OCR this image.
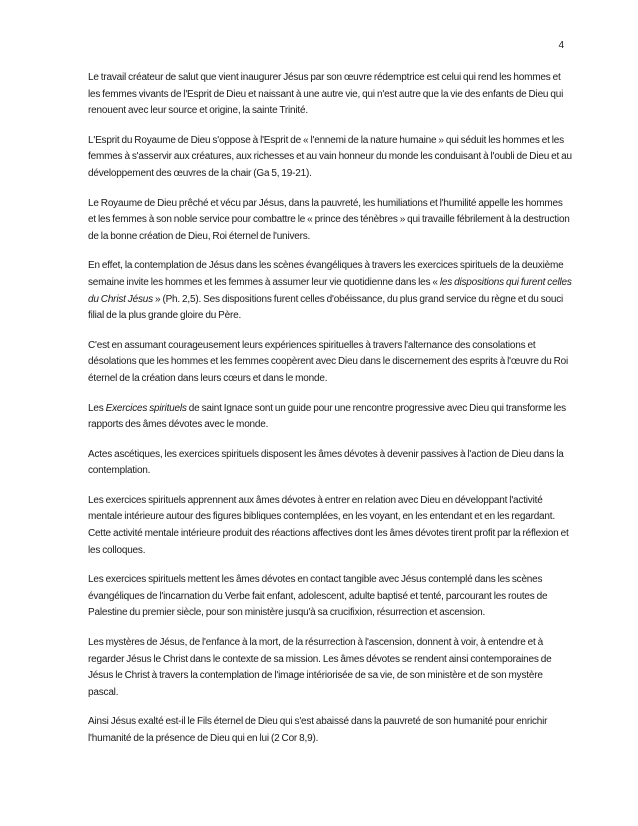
4

Le travail créateur de salut que vient inaugurer Jésus par son œuvre rédemptrice est celui qui rend les hommes et les femmes vivants de l'Esprit de Dieu et naissant à une autre vie, qui n'est autre que la vie des enfants de Dieu qui renouent avec leur source et origine, la sainte Trinité.

L'Esprit du Royaume de Dieu s'oppose à l'Esprit de « l'ennemi de la nature humaine » qui séduit les hommes et les femmes à s'asservir aux créatures, aux richesses et au vain honneur du monde les conduisant à l'oubli de Dieu et au développement des œuvres de la chair (Ga 5, 19-21).

Le Royaume de Dieu prêché et vécu par Jésus, dans la pauvreté, les humiliations et l'humilité appelle les hommes et les femmes à son noble service pour combattre le « prince des ténèbres » qui travaille fébrilement à la destruction de la bonne création de Dieu, Roi éternel de l'univers.

En effet, la contemplation de Jésus dans les scènes évangéliques à travers les exercices spirituels de la deuxième semaine invite les hommes et les femmes à assumer leur vie quotidienne dans les « les dispositions qui furent celles du Christ Jésus » (Ph. 2,5). Ses dispositions furent celles d'obéissance, du plus grand service du règne et du souci filial de la plus grande gloire du Père.

C'est en assumant courageusement leurs expériences spirituelles à travers l'alternance des consolations et désolations que les hommes et les femmes coopèrent avec Dieu dans le discernement des esprits à l'œuvre du Roi éternel de la création dans leurs cœurs et dans le monde.

Les Exercices spirituels de saint Ignace sont un guide pour une rencontre progressive avec Dieu qui transforme les rapports des âmes dévotes avec le monde.

Actes ascétiques, les exercices spirituels disposent les âmes dévotes à devenir passives à l'action de Dieu dans la contemplation.

Les exercices spirituels apprennent aux âmes dévotes à entrer en relation avec Dieu en développant l'activité mentale intérieure autour des figures bibliques contemplées, en les voyant, en les entendant et en les regardant. Cette activité mentale intérieure produit des réactions affectives dont les âmes dévotes tirent profit par la réflexion et les colloques.

Les exercices spirituels mettent les âmes dévotes en contact tangible avec Jésus contemplé dans les scènes évangéliques de l'incarnation du Verbe fait enfant, adolescent, adulte baptisé et tenté, parcourant les routes de Palestine du premier siècle, pour son ministère jusqu'à sa crucifixion, résurrection et ascension.

Les mystères de Jésus, de l'enfance à la mort, de la résurrection à l'ascension, donnent à voir, à entendre et à regarder Jésus le Christ dans le contexte de sa mission. Les âmes dévotes se rendent ainsi contemporaines de Jésus le Christ à travers la contemplation de l'image intériorisée de sa vie, de son ministère et de son mystère pascal.

Ainsi Jésus exalté est-il le Fils éternel de Dieu qui s'est abaissé dans la pauvreté de son humanité pour enrichir l'humanité de la présence de Dieu qui en lui (2 Cor 8,9).
